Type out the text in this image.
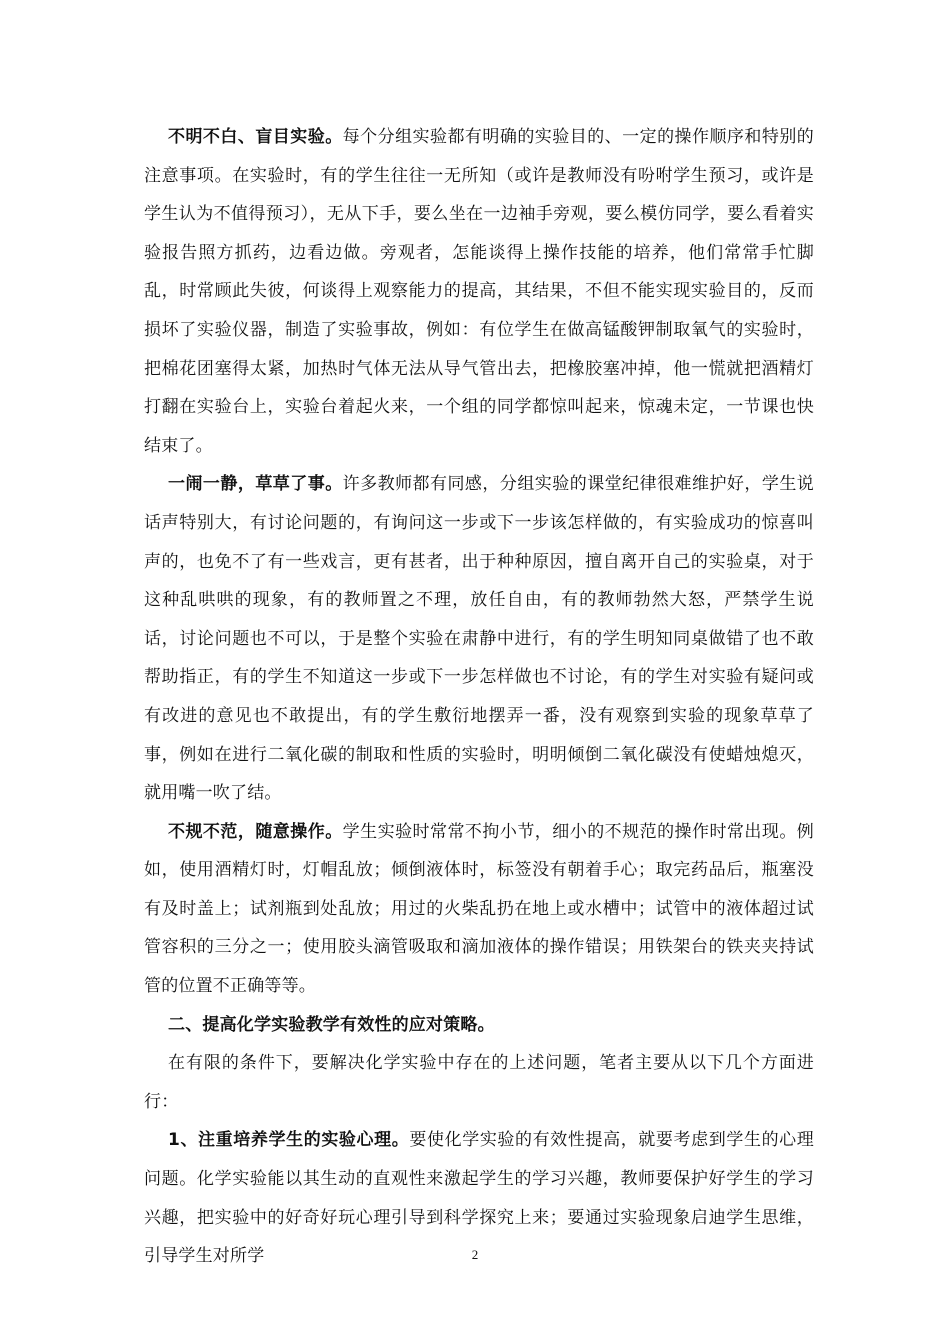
不明不白、盲目实验。每个分组实验都有明确的实验目的、一定的操作顺序和特别的注意事项。在实验时，有的学生往往一无所知（或许是教师没有吩咐学生预习，或许是学生认为不值得预习），无从下手，要么坐在一边袖手旁观，要么模仿同学，要么看着实验报告照方抓药，边看边做。旁观者，怎能谈得上操作技能的培养，他们常常手忙脚乱，时常顾此失彼，何谈得上观察能力的提高，其结果，不但不能实现实验目的，反而损坏了实验仪器，制造了实验事故，例如：有位学生在做高锰酸钾制取氧气的实验时，把棉花团塞得太紧，加热时气体无法从导气管出去，把橡胶塞冲掉，他一慌就把酒精灯打翻在实验台上，实验台着起火来，一个组的同学都惊叫起来，惊魂未定，一节课也快结束了。

一闹一静，草草了事。许多教师都有同感，分组实验的课堂纪律很难维护好，学生说话声特别大，有讨论问题的，有询问这一步或下一步该怎样做的，有实验成功的惊喜叫声的，也免不了有一些戏言，更有甚者，出于种种原因，擅自离开自己的实验桌，对于这种乱哄哄的现象，有的教师置之不理，放任自由，有的教师勃然大怒，严禁学生说话，讨论问题也不可以，于是整个实验在肃静中进行，有的学生明知同桌做错了也不敢帮助指正，有的学生不知道这一步或下一步怎样做也不讨论，有的学生对实验有疑问或有改进的意见也不敢提出，有的学生敷衍地摆弄一番，没有观察到实验的现象草草了事，例如在进行二氧化碳的制取和性质的实验时，明明倾倒二氧化碳没有使蜡烛熄灭，就用嘴一吹了结。

不规不范，随意操作。学生实验时常常不拘小节，细小的不规范的操作时常出现。例如，使用酒精灯时，灯帽乱放；倾倒液体时，标签没有朝着手心；取完药品后，瓶塞没有及时盖上；试剂瓶到处乱放；用过的火柴乱扔在地上或水槽中；试管中的液体超过试管容积的三分之一；使用胶头滴管吸取和滴加液体的操作错误；用铁架台的铁夹夹持试管的位置不正确等等。

二、提高化学实验教学有效性的应对策略。

在有限的条件下，要解决化学实验中存在的上述问题，笔者主要从以下几个方面进行：

1、注重培养学生的实验心理。要使化学实验的有效性提高，就要考虑到学生的心理问题。化学实验能以其生动的直观性来激起学生的学习兴趣，教师要保护好学生的学习兴趣，把实验中的好奇好玩心理引导到科学探究上来；要通过实验现象启迪学生思维，引导学生对所学	2
